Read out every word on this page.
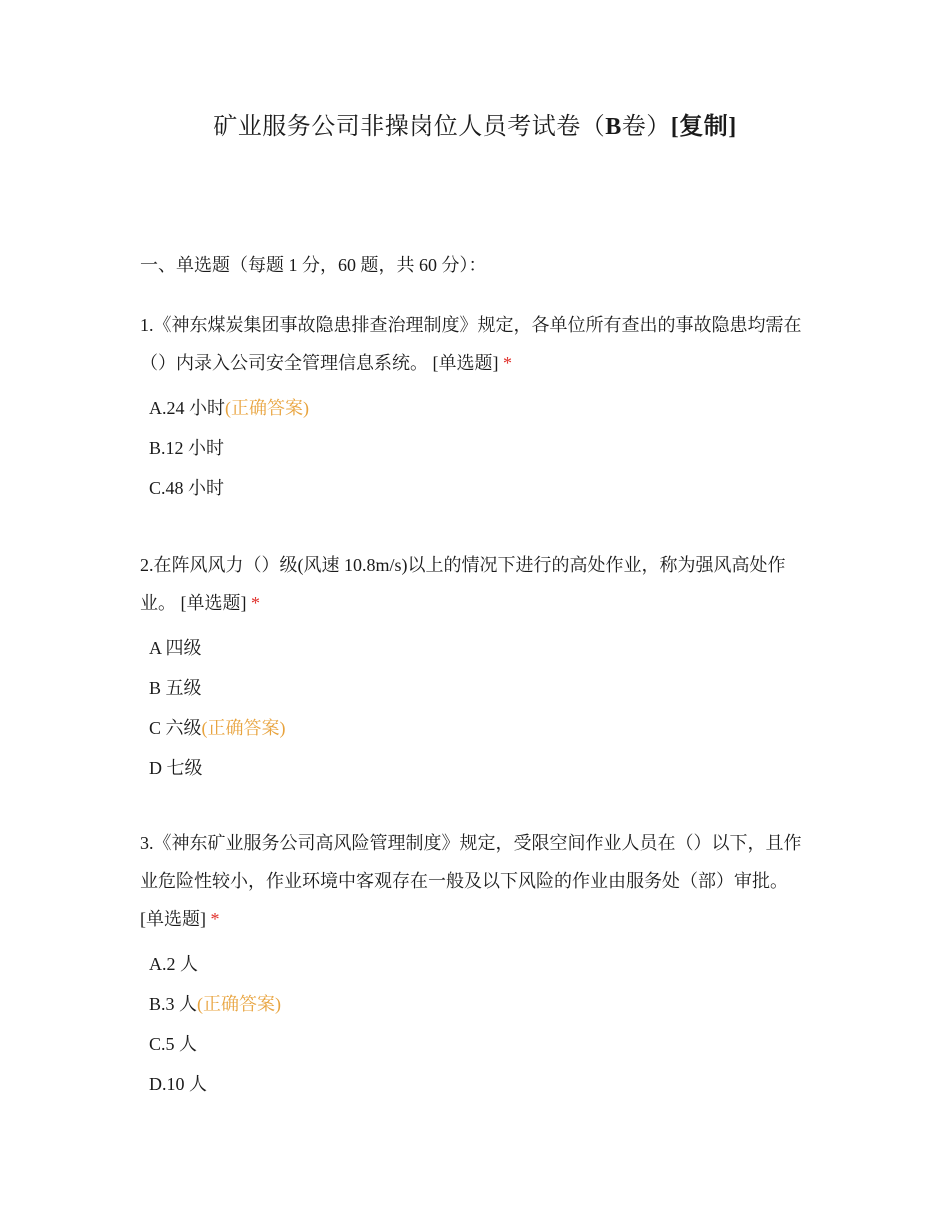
矿业服务公司非操岗位人员考试卷（B卷）[复制]
一、单选题（每题 1 分，60 题，共 60 分）：

1.《神东煤炭集团事故隐患排查治理制度》规定，各单位所有查出的事故隐患均需在（）内录入公司安全管理信息系统。 [单选题] *

A.24 小时(正确答案)
B.12 小时
C.48 小时

2.在阵风风力（）级(风速 10.8m/s)以上的情况下进行的高处作业，称为强风高处作业。 [单选题] *

A 四级
B 五级
C 六级(正确答案)
D 七级

3.《神东矿业服务公司高风险管理制度》规定，受限空间作业人员在（）以下，且作业危险性较小，作业环境中客观存在一般及以下风险的作业由服务处（部）审批。 [单选题] *

A.2 人
B.3 人(正确答案)
C.5 人
D.10 人
